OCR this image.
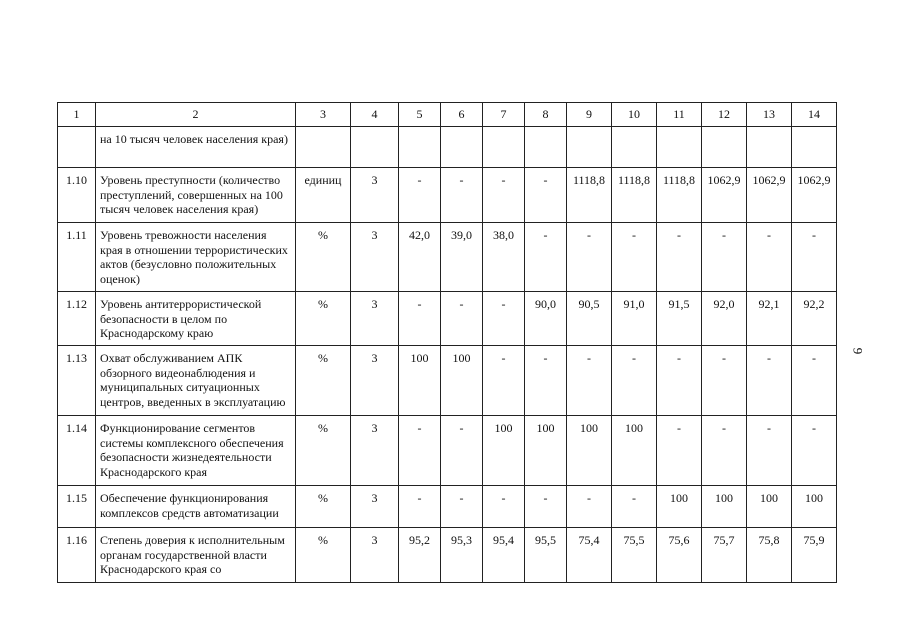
1	2	3	4	5	6	7	8	9	10	11	12	13	14
	на 10 тысяч человек населения края)												
1.10	Уровень преступности (количество преступлений, совершенных на 100 тысяч человек населения края)	единиц	3	-	-	-	-	1118,8	1118,8	1118,8	1062,9	1062,9	1062,9
1.11	Уровень тревожности населения края в отношении террористических актов (безусловно положительных оценок)	%	3	42,0	39,0	38,0	-	-	-	-	-	-	-
1.12	Уровень антитеррористической безопасности в целом по Краснодарскому краю	%	3	-	-	-	90,0	90,5	91,0	91,5	92,0	92,1	92,2
1.13	Охват обслуживанием АПК обзорного видеонаблюдения и муниципальных ситуационных центров, введенных в эксплуатацию	%	3	100	100	-	-	-	-	-	-	-	-
1.14	Функционирование сегментов системы комплексного обеспечения безопасности жизнедеятельности Краснодарского края	%	3	-	-	100	100	100	100	-	-	-	-
1.15	Обеспечение функционирования комплексов средств автоматизации	%	3	-	-	-	-	-	-	100	100	100	100
1.16	Степень доверия к исполнительным органам государственной власти Краснодарского края со	%	3	95,2	95,3	95,4	95,5	75,4	75,5	75,6	75,7	75,8	75,9
9
